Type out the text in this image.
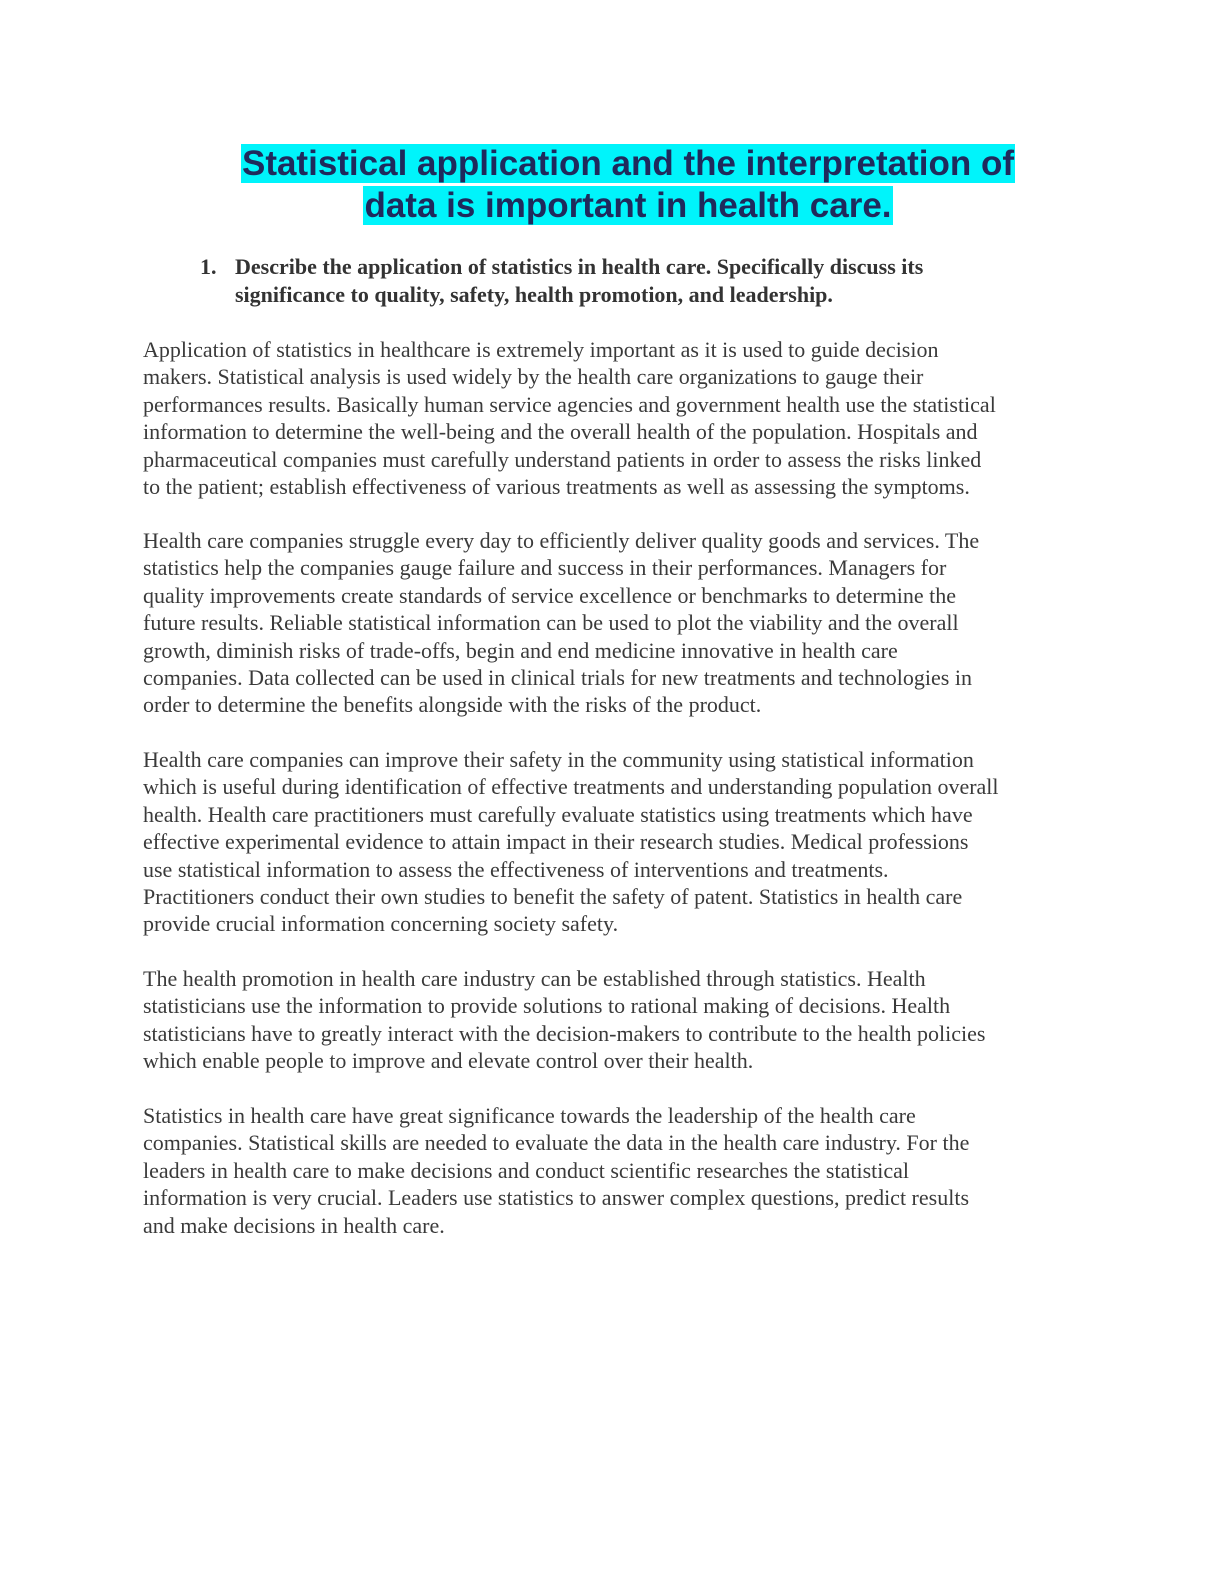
Statistical application and the interpretation of
data is important in health care.
1. Describe the application of statistics in health care. Specifically discuss its
significance to quality, safety, health promotion, and leadership.
Application of statistics in healthcare is extremely important as it is used to guide decision
makers. Statistical analysis is used widely by the health care organizations to gauge their
performances results. Basically human service agencies and government health use the statistical
information to determine the well-being and the overall health of the population. Hospitals and
pharmaceutical companies must carefully understand patients in order to assess the risks linked
to the patient; establish effectiveness of various treatments as well as assessing the symptoms.
Health care companies struggle every day to efficiently deliver quality goods and services. The
statistics help the companies gauge failure and success in their performances. Managers for
quality improvements create standards of service excellence or benchmarks to determine the
future results. Reliable statistical information can be used to plot the viability and the overall
growth, diminish risks of trade-offs, begin and end medicine innovative in health care
companies. Data collected can be used in clinical trials for new treatments and technologies in
order to determine the benefits alongside with the risks of the product.
Health care companies can improve their safety in the community using statistical information
which is useful during identification of effective treatments and understanding population overall
health. Health care practitioners must carefully evaluate statistics using treatments which have
effective experimental evidence to attain impact in their research studies. Medical professions
use statistical information to assess the effectiveness of interventions and treatments.
Practitioners conduct their own studies to benefit the safety of patent. Statistics in health care
provide crucial information concerning society safety.
The health promotion in health care industry can be established through statistics. Health
statisticians use the information to provide solutions to rational making of decisions. Health
statisticians have to greatly interact with the decision-makers to contribute to the health policies
which enable people to improve and elevate control over their health.
Statistics in health care have great significance towards the leadership of the health care
companies. Statistical skills are needed to evaluate the data in the health care industry. For the
leaders in health care to make decisions and conduct scientific researches the statistical
information is very crucial. Leaders use statistics to answer complex questions, predict results
and make decisions in health care.
